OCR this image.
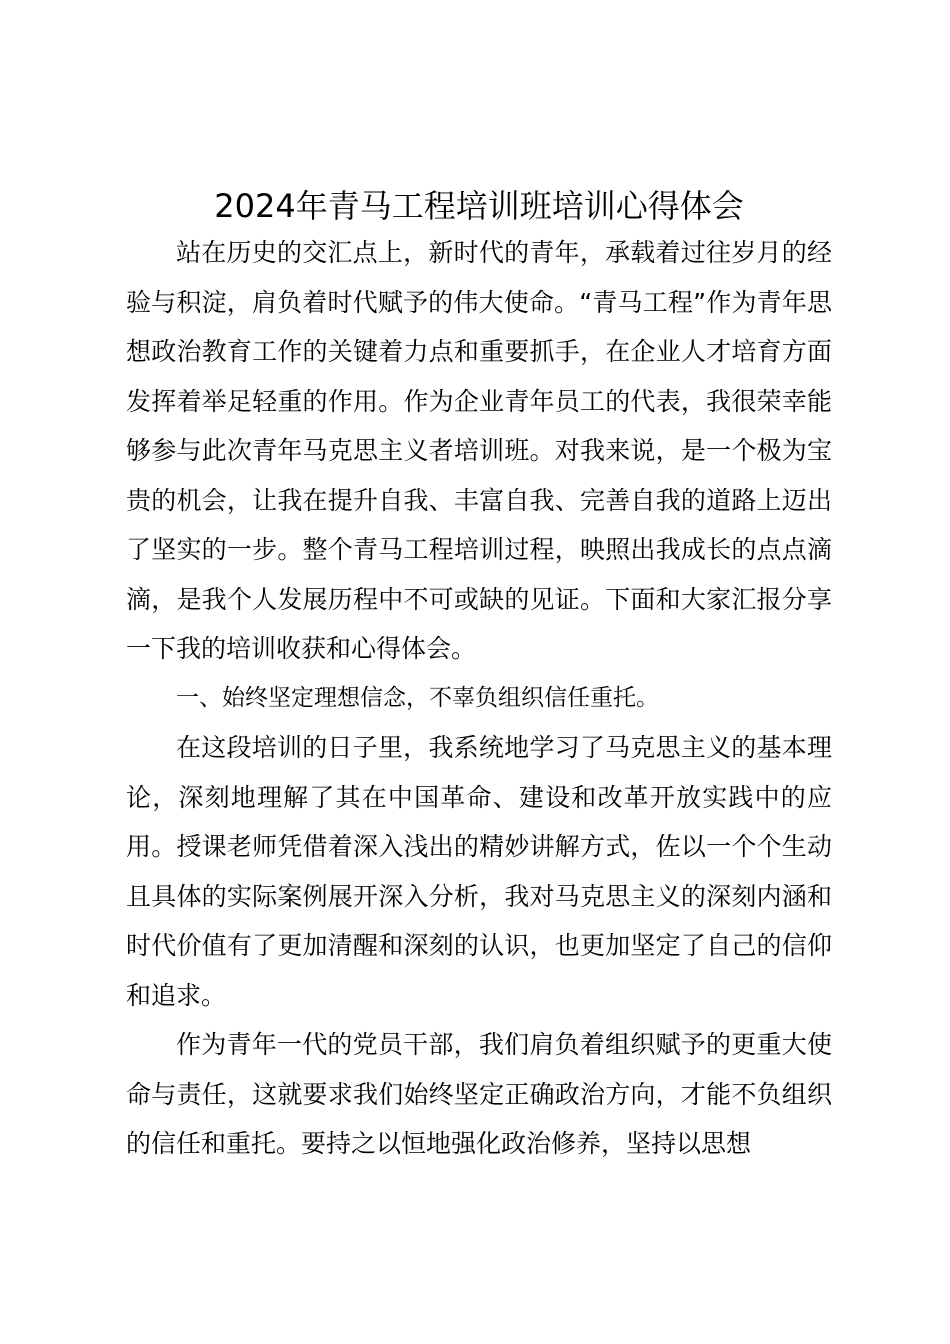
2024年青马工程培训班培训心得体会

站在历史的交汇点上，新时代的青年，承载着过往岁月的经验与积淀，肩负着时代赋予的伟大使命。“青马工程”作为青年思想政治教育工作的关键着力点和重要抓手，在企业人才培育方面发挥着举足轻重的作用。作为企业青年员工的代表，我很荣幸能够参与此次青年马克思主义者培训班。对我来说，是一个极为宝贵的机会，让我在提升自我、丰富自我、完善自我的道路上迈出了坚实的一步。整个青马工程培训过程，映照出我成长的点点滴滴，是我个人发展历程中不可或缺的见证。下面和大家汇报分享一下我的培训收获和心得体会。

一、始终坚定理想信念，不辜负组织信任重托。

在这段培训的日子里，我系统地学习了马克思主义的基本理论，深刻地理解了其在中国革命、建设和改革开放实践中的应用。授课老师凭借着深入浅出的精妙讲解方式，佐以一个个生动且具体的实际案例展开深入分析，我对马克思主义的深刻内涵和时代价值有了更加清醒和深刻的认识，也更加坚定了自己的信仰和追求。

作为青年一代的党员干部，我们肩负着组织赋予的更重大使命与责任，这就要求我们始终坚定正确政治方向，才能不负组织的信任和重托。要持之以恒地强化政治修养，坚持以思想
